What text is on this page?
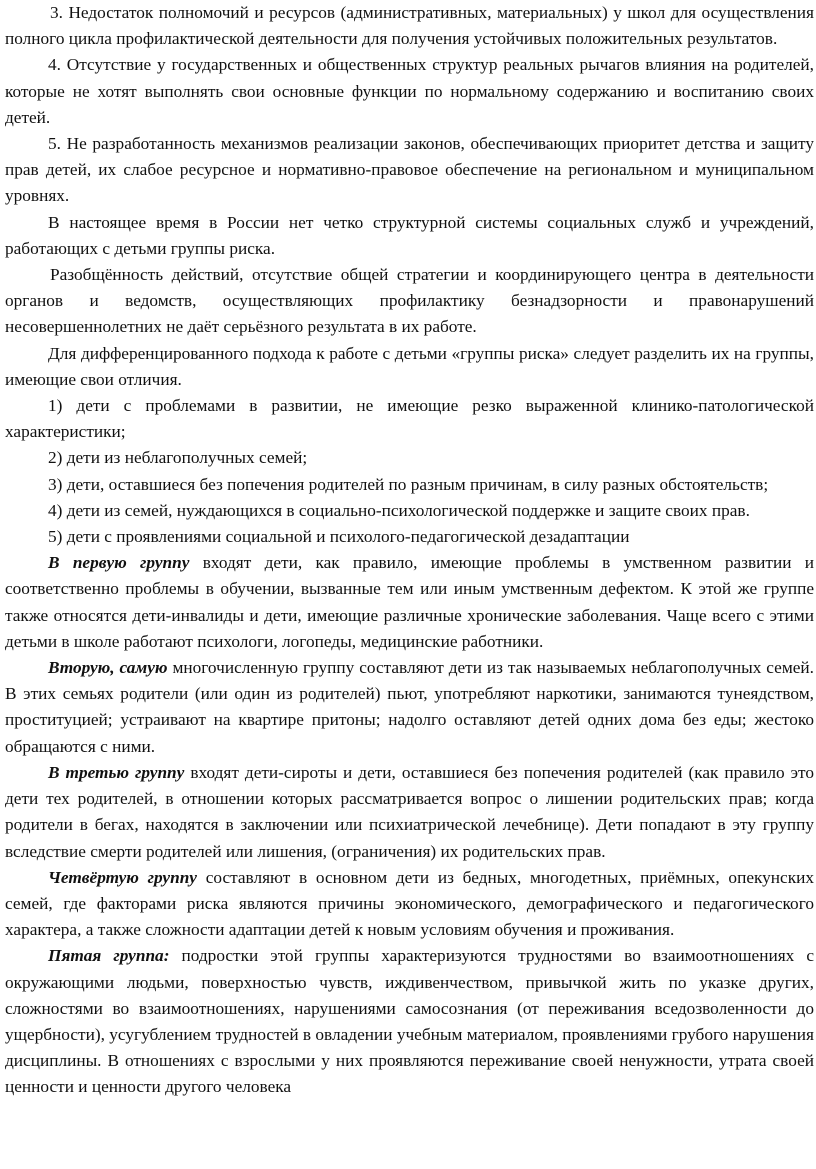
3. Недостаток полномочий и ресурсов (административных, материальных) у школ для осуществления полного цикла профилактической деятельности для получения устойчивых положительных результатов.

4. Отсутствие у государственных и общественных структур реальных рычагов влияния на родителей, которые не хотят выполнять свои основные функции по нормальному содержанию и воспитанию своих детей.

5. Не разработанность механизмов реализации законов, обеспечивающих приоритет детства и защиту прав детей, их слабое ресурсное и нормативно-правовое обеспечение на региональном и муниципальном уровнях.

В настоящее время в России нет четко структурной системы социальных служб и учреждений, работающих с детьми группы риска.

Разобщённость действий, отсутствие общей стратегии и координирующего центра в деятельности органов и ведомств, осуществляющих профилактику безнадзорности и правонарушений несовершеннолетних не даёт серьёзного результата в их работе.

Для дифференцированного подхода к работе с детьми «группы риска» следует разделить их на группы, имеющие свои отличия.

1) дети с проблемами в развитии, не имеющие резко выраженной клинико-патологической характеристики;

2) дети из неблагополучных семей;

3) дети, оставшиеся без попечения родителей по разным причинам, в силу разных обстоятельств;

4) дети из семей, нуждающихся в социально-психологической поддержке и защите своих прав.

5) дети с проявлениями социальной и психолого-педагогической дезадаптации

В первую группу входят дети, как правило, имеющие проблемы в умственном развитии и соответственно проблемы в обучении, вызванные тем или иным умственным дефектом. К этой же группе также относятся дети-инвалиды и дети, имеющие различные хронические заболевания. Чаще всего с этими детьми в школе работают психологи, логопеды, медицинские работники.

Вторую, самую многочисленную группу составляют дети из так называемых неблагополучных семей. В этих семьях родители (или один из родителей) пьют, употребляют наркотики, занимаются тунеядством, проституцией; устраивают на квартире притоны; надолго оставляют детей одних дома без еды; жестоко обращаются с ними.

В третью группу входят дети-сироты и дети, оставшиеся без попечения родителей (как правило это дети тех родителей, в отношении которых рассматривается вопрос о лишении родительских прав; когда родители в бегах, находятся в заключении или психиатрической лечебнице). Дети попадают в эту группу вследствие смерти родителей или лишения, (ограничения) их родительских прав.

Четвёртую группу составляют в основном дети из бедных, многодетных, приёмных, опекунских семей, где факторами риска являются причины экономического, демографического и педагогического характера, а также сложности адаптации детей к новым условиям обучения и проживания.

Пятая группа: подростки этой группы характеризуются трудностями во взаимоотношениях с окружающими людьми, поверхностью чувств, иждивенчеством, привычкой жить по указке других, сложностями во взаимоотношениях, нарушениями самосознания (от переживания вседозволенности до ущербности), усугублением трудностей в овладении учебным материалом, проявлениями грубого нарушения дисциплины. В отношениях с взрослыми у них проявляются переживание своей ненужности, утрата своей ценности и ценности другого человека
